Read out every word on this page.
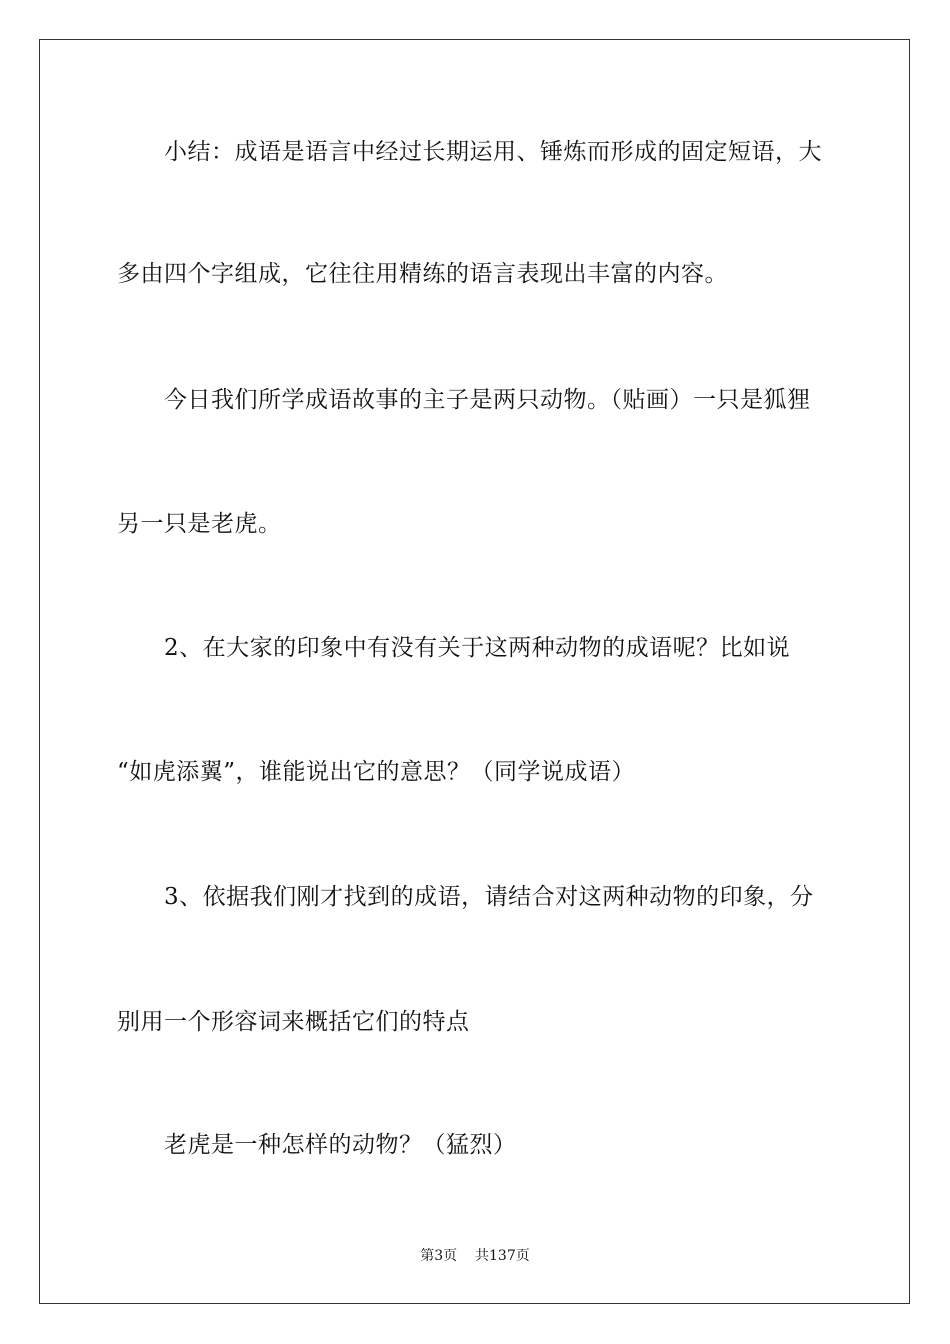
小结：成语是语言中经过长期运用、锤炼而形成的固定短语，大
多由四个字组成，它往往用精练的语言表现出丰富的内容。
今日我们所学成语故事的主子是两只动物。（贴画）一只是狐狸
另一只是老虎。
2、在大家的印象中有没有关于这两种动物的成语呢？比如说
“如虎添翼”，谁能说出它的意思？（同学说成语）
3、依据我们刚才找到的成语，请结合对这两种动物的印象，分
别用一个形容词来概括它们的特点
老虎是一种怎样的动物？（猛烈）
第3页 共137页
